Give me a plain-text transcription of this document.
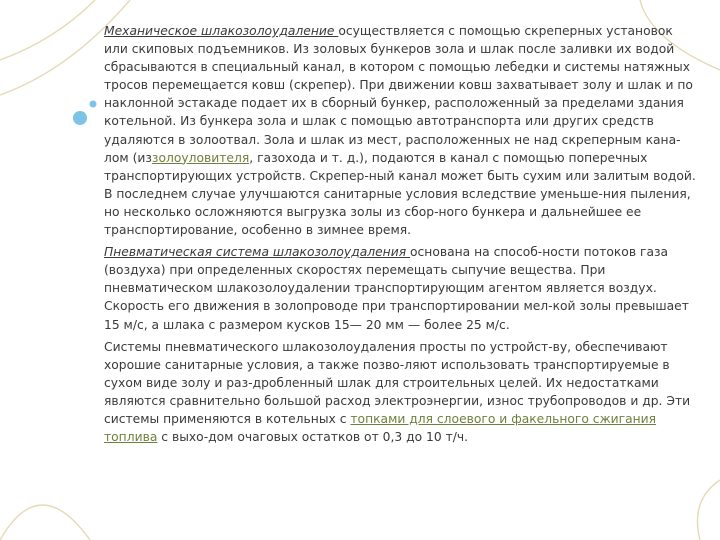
Механическое шлакозолоудаление осуществляется с помощью скреперных установок или скиповых подъемников. Из золовых бункеров зола и шлак после заливки их водой сбрасываются в специальный канал, в котором с помощью лебедки и системы натяжных тросов перемещается ковш (скрепер). При движении ковш захватывает золу и шлак и по наклонной эстакаде подает их в сборный бункер, расположенный за пределами здания котельной. Из бункера зола и шлак с помощью автотранспорта или других средств удаляются в золоотвал. Зола и шлак из мест, расположенных не над скреперным кана-лом (иззолоуловителя, газохода и т. д.), подаются в канал с помощью поперечных транспортирующих устройств. Скрепер-ный канал может быть сухим или залитым водой. В последнем случае улучшаются санитарные условия вследствие уменьше-ния пыления, но несколько осложняются выгрузка золы из сбор-ного бункера и дальнейшее ее транспортирование, особенно в зимнее время.

Пневматическая система шлакозолоудаления основана на способ-ности потоков газа (воздуха) при определенных скоростях перемещать сыпучие вещества. При пневматическом шлакозолоудалении транспортирующим агентом является воздух. Скорость его движения в золопроводе при транспортировании мел-кой золы превышает 15 м/с, а шлака с размером кусков 15— 20 мм — более 25 м/с.

Системы пневматического шлакозолоудаления просты по устройст-ву, обеспечивают хорошие санитарные условия, а также позво-ляют использовать транспортируемые в сухом виде золу и раз-дробленный шлак для строительных целей. Их недостатками являются сравнительно большой расход электроэнергии, износ трубопроводов и др. Эти системы применяются в котельных с топками для слоевого и факельного сжигания топлива с выхо-дом очаговых остатков от 0,3 до 10 т/ч.
